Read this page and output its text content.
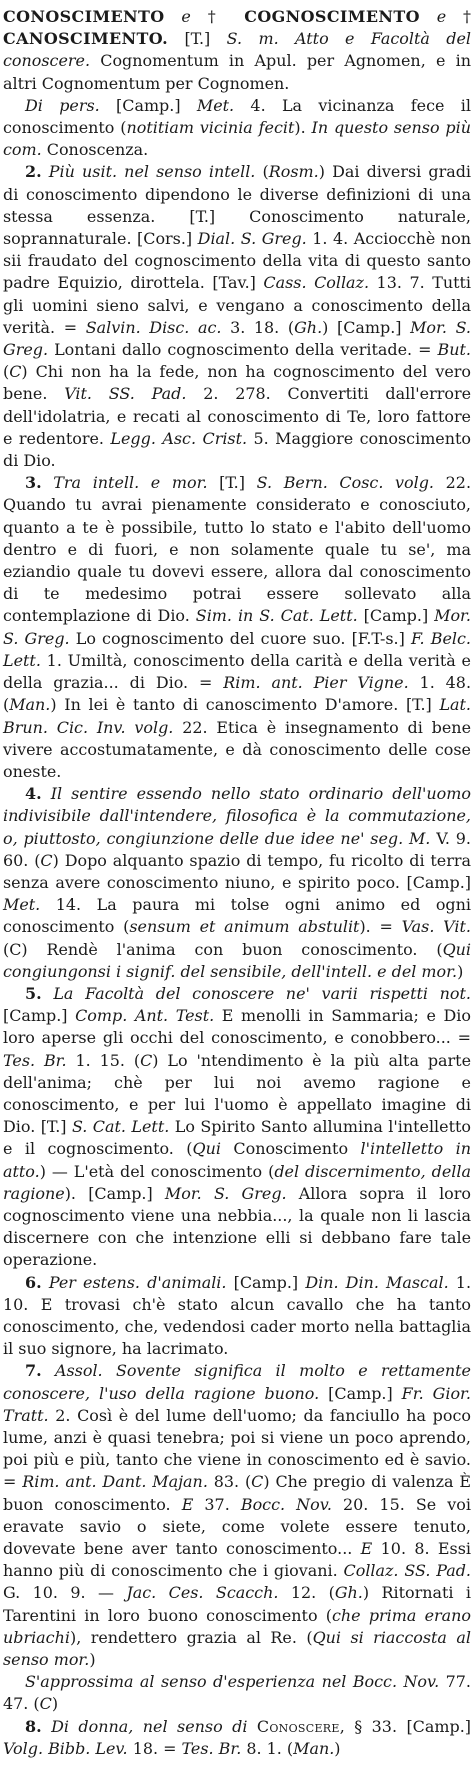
CONOSCIMENTO e † COGNOSCIMENTO e † CANOSCIMENTO. [T.] S. m. Atto e Facoltà del conoscere. Cognomentum in Apul. per Agnomen, e in altri Cognomentum per Cognomen.

Di pers. [Camp.] Met. 4. La vicinanza fece il conoscimento (notitiam vicinia fecit). In questo senso più com. Conoscenza.

2. Più usit. nel senso intell. (Rosm.) Dai diversi gradi di conoscimento dipendono le diverse definizioni di una stessa essenza. [T.] Conoscimento naturale, soprannaturale. [Cors.] Dial. S. Greg. 1. 4. Acciocchè non sii fraudato del cognoscimento della vita di questo santo padre Equizio, dirottela. [Tav.] Cass. Collaz. 13. 7. Tutti gli uomini sieno salvi, e vengano a conoscimento della verità. = Salvin. Disc. ac. 3. 18. (Gh.) [Camp.] Mor. S. Greg. Lontani dallo cognoscimento della veritade. = But. (C) Chi non ha la fede, non ha cognoscimento del vero bene. Vit. SS. Pad. 2. 278. Convertiti dall'errore dell'idolatria, e recati al conoscimento di Te, loro fattore e redentore. Legg. Asc. Crist. 5. Maggiore conoscimento di Dio.

3. Tra intell. e mor. [T.] S. Bern. Cosc. volg. 22. Quando tu avrai pienamente considerato e conosciuto, quanto a te è possibile, tutto lo stato e l'abito dell'uomo dentro e di fuori, e non solamente quale tu se', ma eziandio quale tu dovevi essere, allora dal conoscimento di te medesimo potrai essere sollevato alla contemplazione di Dio. Sim. in S. Cat. Lett. [Camp.] Mor. S. Greg. Lo cognoscimento del cuore suo. [F.T-s.] F. Belc. Lett. 1. Umiltà, conoscimento della carità e della verità e della grazia... di Dio. = Rim. ant. Pier Vigne. 1. 48. (Man.) In lei è tanto di canoscimento D'amore. [T.] Lat. Brun. Cic. Inv. volg. 22. Etica è insegnamento di bene vivere accostumatamente, e dà conoscimento delle cose oneste.

4. Il sentire essendo nello stato ordinario dell'uomo indivisibile dall'intendere, filosofica è la commutazione, o, piuttosto, congiunzione delle due idee ne' seg. M. V. 9. 60. (C) Dopo alquanto spazio di tempo, fu ricolto di terra senza avere conoscimento niuno, e spirito poco. [Camp.] Met. 14. La paura mi tolse ogni animo ed ogni conoscimento (sensum et animum abstulit). = Vas. Vit. (C) Rendè l'anima con buon conoscimento. (Qui congiungonsi i signif. del sensibile, dell'intell. e del mor.)

5. La Facoltà del conoscere ne' varii rispetti not. [Camp.] Comp. Ant. Test. E menolli in Sammaria; e Dio loro aperse gli occhi del conoscimento, e conobbero... = Tes. Br. 1. 15. (C) Lo 'ntendimento è la più alta parte dell'anima; chè per lui noi avemo ragione e conoscimento, e per lui l'uomo è appellato imagine di Dio. [T.] S. Cat. Lett. Lo Spirito Santo allumina l'intelletto e il cognoscimento. (Qui Conoscimento l'intelletto in atto.) — L'età del conoscimento (del discernimento, della ragione). [Camp.] Mor. S. Greg. Allora sopra il loro cognoscimento viene una nebbia..., la quale non li lascia discernere con che intenzione elli si debbano fare tale operazione.

6. Per estens. d'animali. [Camp.] Din. Din. Mascal. 1. 10. E trovasi ch'è stato alcun cavallo che ha tanto conoscimento, che, vedendosi cader morto nella battaglia il suo signore, ha lacrimato.

7. Assol. Sovente significa il molto e rettamente conoscere, l'uso della ragione buono. [Camp.] Fr. Gior. Tratt. 2. Così è del lume dell'uomo; da fanciullo ha poco lume, anzi è quasi tenebra; poi si viene un poco aprendo, poi più e più, tanto che viene in conoscimento ed è savio. = Rim. ant. Dant. Majan. 83. (C) Che pregio di valenza È buon conoscimento. E 37. Bocc. Nov. 20. 15. Se voi eravate savio o siete, come volete essere tenuto, dovevate bene aver tanto conoscimento... E 10. 8. Essi hanno più di conoscimento che i giovani. Collaz. SS. Pad. G. 10. 9. — Jac. Ces. Scacch. 12. (Gh.) Ritornati i Tarentini in loro buono conoscimento (che prima erano ubriachi), rendettero grazia al Re. (Qui si riaccosta al senso mor.)

S'approssima al senso d'esperienza nel Bocc. Nov. 77. 47. (C)

8. Di donna, nel senso di Conoscere, § 33. [Camp.] Volg. Bibb. Lev. 18. = Tes. Br. 8. 1. (Man.)
